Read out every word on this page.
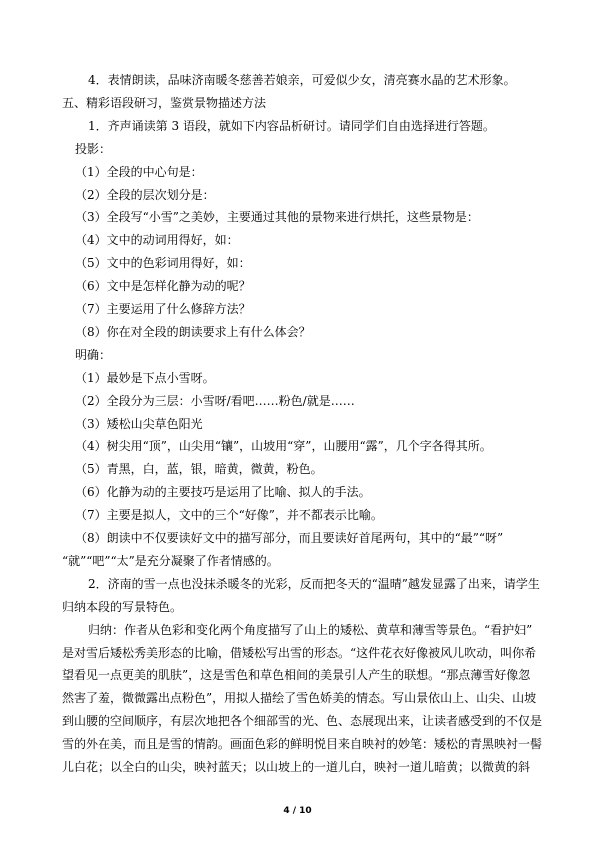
4．表情朗读，品味济南暖冬慈善若娘亲，可爱似少女，清亮赛水晶的艺术形象。
五、精彩语段研习，鉴赏景物描述方法
1．齐声诵读第 3 语段，就如下内容品析研讨。请同学们自由选择进行答题。
投影：
（1）全段的中心句是：
（2）全段的层次划分是：
（3）全段写“小雪”之美妙，主要通过其他的景物来进行烘托，这些景物是：
（4）文中的动词用得好，如：
（5）文中的色彩词用得好，如：
（6）文中是怎样化静为动的呢？
（7）主要运用了什么修辞方法？
（8）你在对全段的朗读要求上有什么体会？
明确：
（1）最妙是下点小雪呀。
（2）全段分为三层：小雪呀/看吧……粉色/就是……
（3）矮松山尖草色阳光
（4）树尖用“顶”，山尖用“镶”，山坡用“穿”，山腰用“露”，几个字各得其所。
（5）青黑，白，蓝，银，暗黄，微黄，粉色。
（6）化静为动的主要技巧是运用了比喻、拟人的手法。
（7）主要是拟人，文中的三个“好像”，并不都表示比喻。
（8）朗读中不仅要读好文中的描写部分，而且要读好首尾两句，其中的“最”“呀”
“就”“吧”“太”是充分凝聚了作者情感的。
2．济南的雪一点也没抹杀暖冬的光彩，反而把冬天的“温晴”越发显露了出来，请学生
归纳本段的写景特色。
归纳：作者从色彩和变化两个角度描写了山上的矮松、黄草和薄雪等景色。“看护妇”
是对雪后矮松秀美形态的比喻，借矮松写出雪的形态。“这件花衣好像被风儿吹动，叫你希
望看见一点更美的肌肤”，这是雪色和草色相间的美景引人产生的联想。“那点薄雪好像忽
然害了羞，微微露出点粉色”，用拟人描绘了雪色娇美的情态。写山景依山上、山尖、山坡
到山腰的空间顺序，有层次地把各个细部雪的光、色、态展现出来，让读者感受到的不仅是
雪的外在美，而且是雪的情韵。画面色彩的鲜明悦目来自映衬的妙笔：矮松的青黑映衬一髻
儿白花；以全白的山尖，映衬蓝天；以山坡上的一道儿白，映衬一道儿暗黄；以微黄的斜
4 / 10
